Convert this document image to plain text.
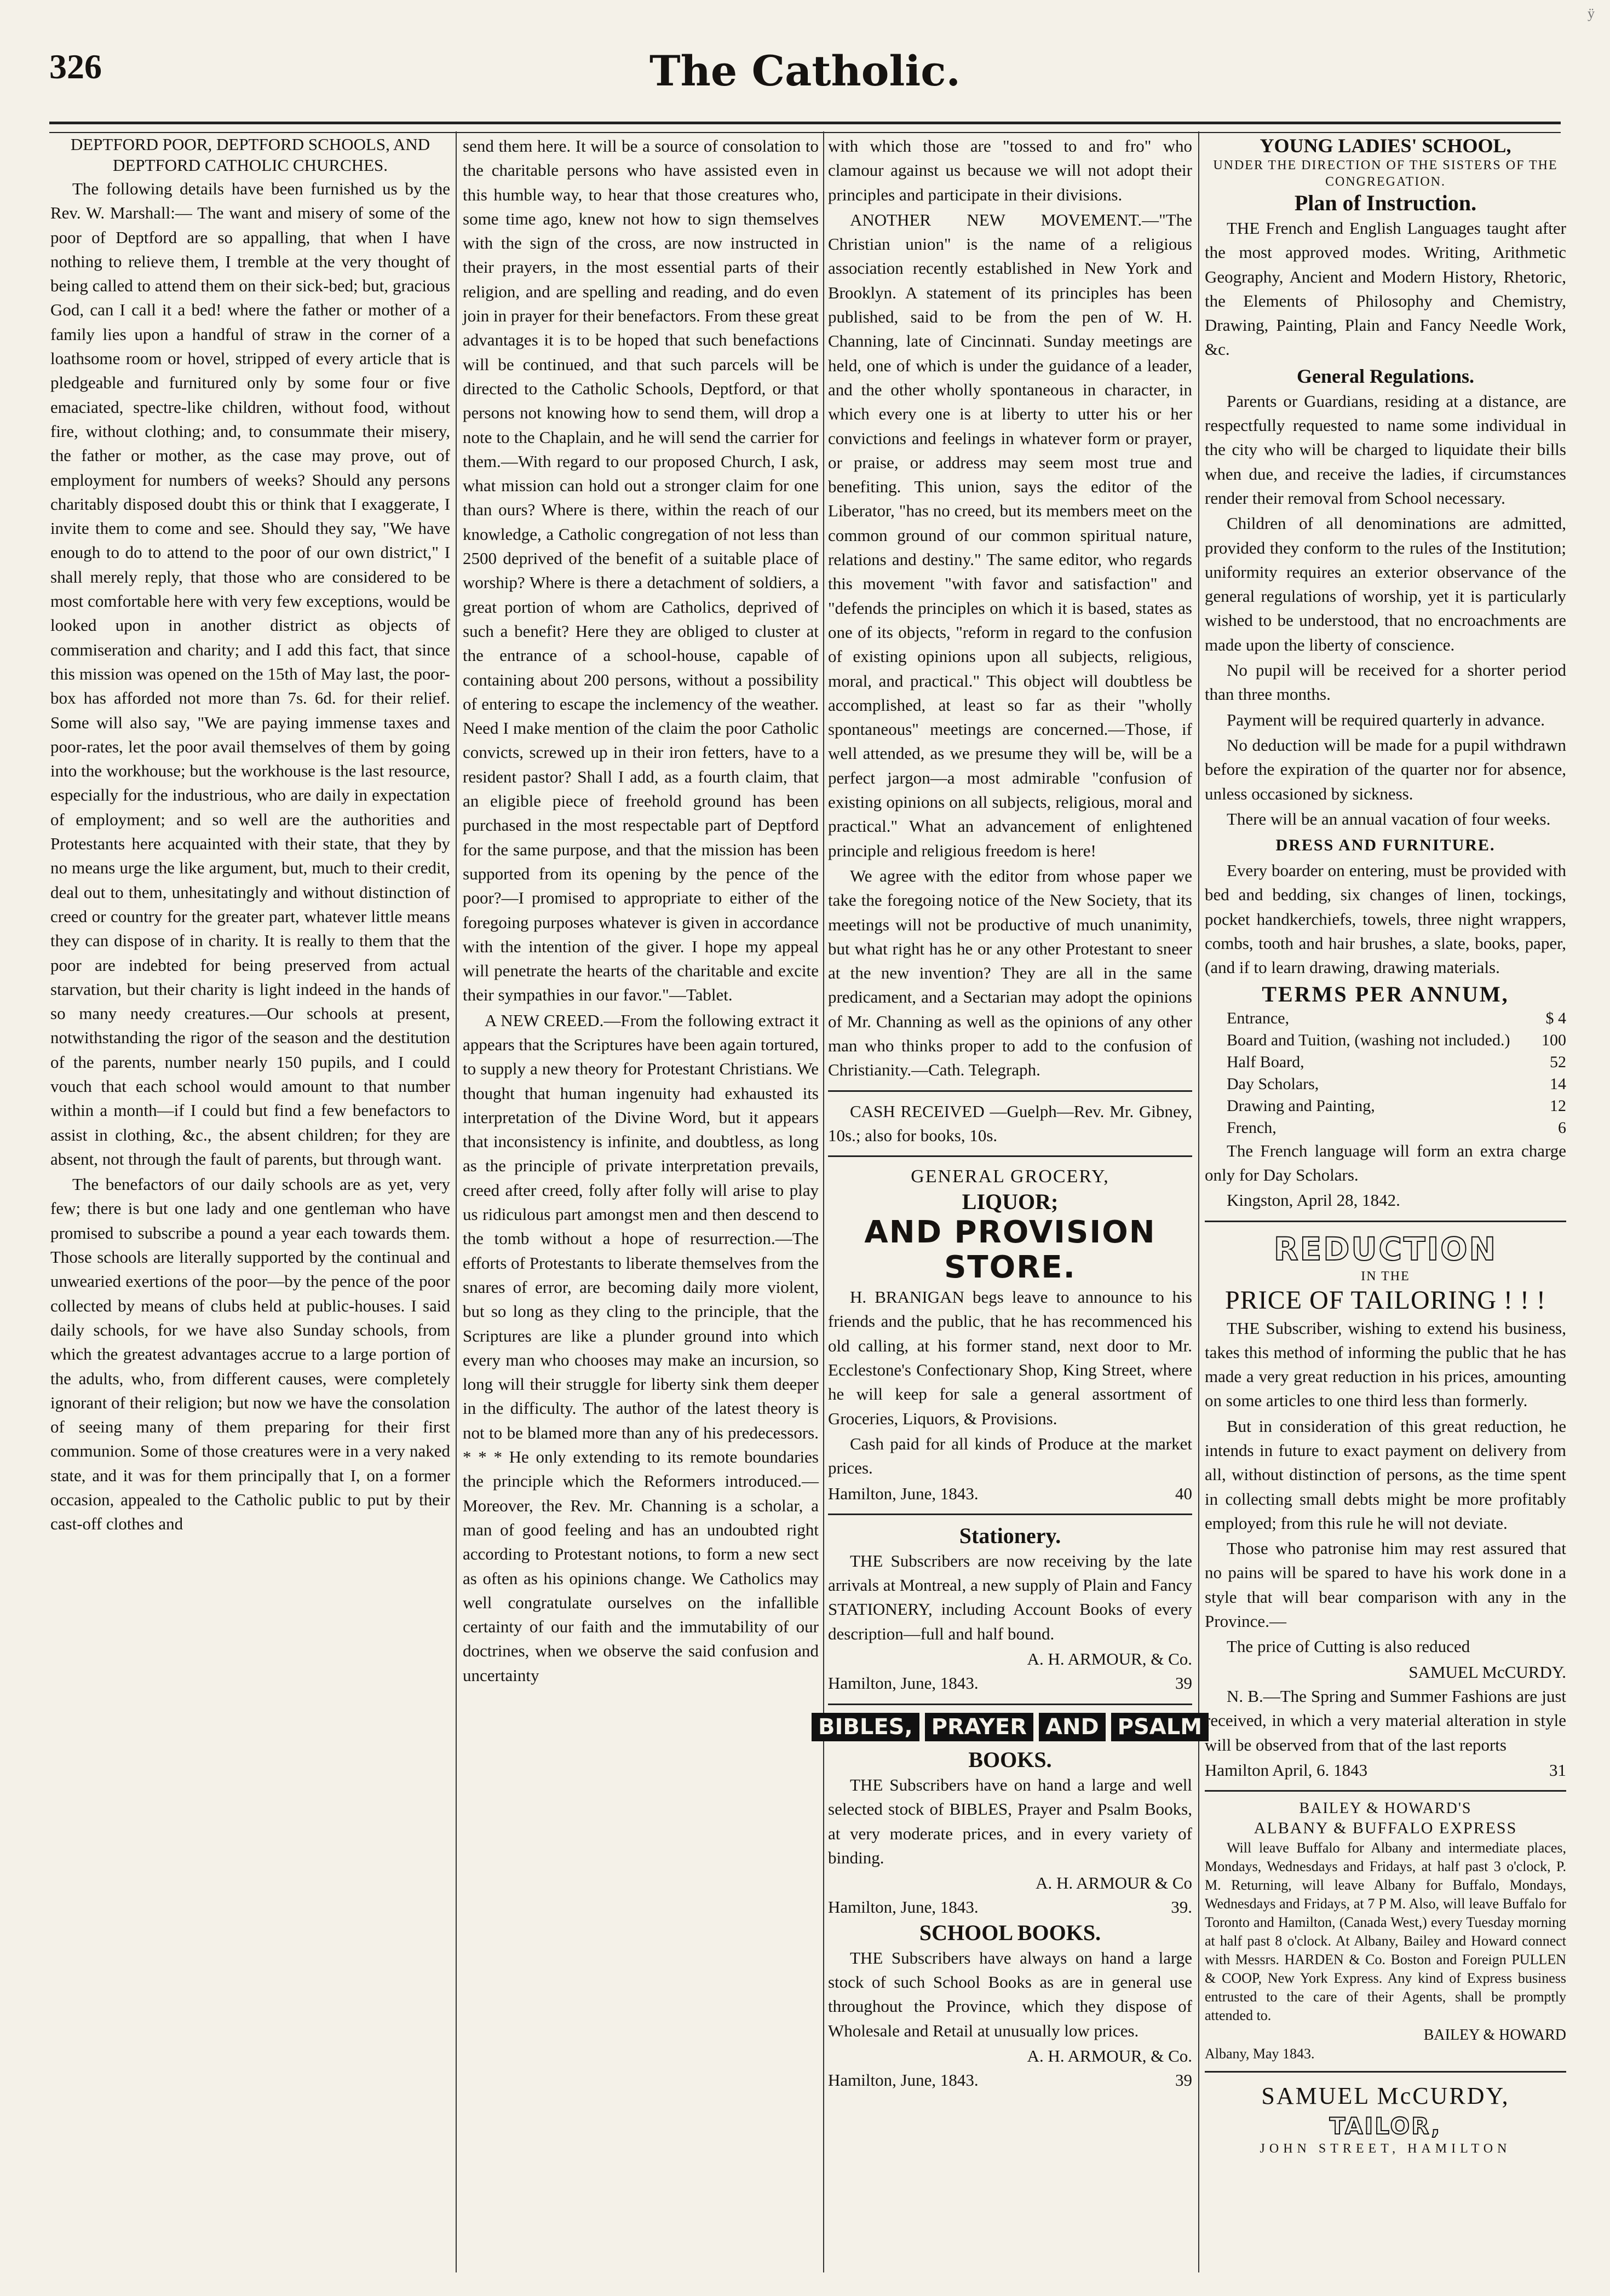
ÿ
326	The Catholic.

DEPTFORD POOR, DEPTFORD SCHOOLS, AND DEPTFORD CATHOLIC CHURCHES.

The following details have been furnished us by the Rev. W. Marshall:— The want and misery of some of the poor of Deptford are so appalling, that when I have nothing to relieve them, I tremble at the very thought of being called to attend them on their sick-bed; but, gracious God, can I call it a bed! where the father or mother of a family lies upon a handful of straw in the corner of a loathsome room or hovel, stripped of every article that is pledgeable and furnitured only by some four or five emaciated, spectre-like children, without food, without fire, without clothing; and, to consummate their misery, the father or mother, as the case may prove, out of employment for numbers of weeks? Should any persons charitably disposed doubt this or think that I exaggerate, I invite them to come and see. Should they say, "We have enough to do to attend to the poor of our own district," I shall merely reply, that those who are considered to be most comfortable here with very few exceptions, would be looked upon in another district as objects of commiseration and charity; and I add this fact, that since this mission was opened on the 15th of May last, the poor-box has afforded not more than 7s. 6d. for their relief. Some will also say, "We are paying immense taxes and poor-rates, let the poor avail themselves of them by going into the workhouse; but the workhouse is the last resource, especially for the industrious, who are daily in expectation of employment; and so well are the authorities and Protestants here acquainted with their state, that they by no means urge the like argument, but, much to their credit, deal out to them, unhesitatingly and without distinction of creed or country for the greater part, whatever little means they can dispose of in charity. It is really to them that the poor are indebted for being preserved from actual starvation, but their charity is light indeed in the hands of so many needy creatures.—Our schools at present, notwithstanding the rigor of the season and the destitution of the parents, number nearly 150 pupils, and I could vouch that each school would amount to that number within a month—if I could but find a few benefactors to assist in clothing, &c., the absent children; for they are absent, not through the fault of parents, but through want.

The benefactors of our daily schools are as yet, very few; there is but one lady and one gentleman who have promised to subscribe a pound a year each towards them. Those schools are literally supported by the continual and unwearied exertions of the poor—by the pence of the poor collected by means of clubs held at public-houses. I said daily schools, for we have also Sunday schools, from which the greatest advantages accrue to a large portion of the adults, who, from different causes, were completely ignorant of their religion; but now we have the consolation of seeing many of them preparing for their first communion. Some of those creatures were in a very naked state, and it was for them principally that I, on a former occasion, appealed to the Catholic public to put by their cast-off clothes and

send them here. It will be a source of consolation to the charitable persons who have assisted even in this humble way, to hear that those creatures who, some time ago, knew not how to sign themselves with the sign of the cross, are now instructed in their prayers, in the most essential parts of their religion, and are spelling and reading, and do even join in prayer for their benefactors. From these great advantages it is to be hoped that such benefactions will be continued, and that such parcels will be directed to the Catholic Schools, Deptford, or that persons not knowing how to send them, will drop a note to the Chaplain, and he will send the carrier for them.—With regard to our proposed Church, I ask, what mission can hold out a stronger claim for one than ours? Where is there, within the reach of our knowledge, a Catholic congregation of not less than 2500 deprived of the benefit of a suitable place of worship? Where is there a detachment of soldiers, a great portion of whom are Catholics, deprived of such a benefit? Here they are obliged to cluster at the entrance of a school-house, capable of containing about 200 persons, without a possibility of entering to escape the inclemency of the weather. Need I make mention of the claim the poor Catholic convicts, screwed up in their iron fetters, have to a resident pastor? Shall I add, as a fourth claim, that an eligible piece of freehold ground has been purchased in the most respectable part of Deptford for the same purpose, and that the mission has been supported from its opening by the pence of the poor?—I promised to appropriate to either of the foregoing purposes whatever is given in accordance with the intention of the giver. I hope my appeal will penetrate the hearts of the charitable and excite their sympathies in our favor."—Tablet.

A NEW CREED.—From the following extract it appears that the Scriptures have been again tortured, to supply a new theory for Protestant Christians. We thought that human ingenuity had exhausted its interpretation of the Divine Word, but it appears that inconsistency is infinite, and doubtless, as long as the principle of private interpretation prevails, creed after creed, folly after folly will arise to play us ridiculous part amongst men and then descend to the tomb without a hope of resurrection.—The efforts of Protestants to liberate themselves from the snares of error, are becoming daily more violent, but so long as they cling to the principle, that the Scriptures are like a plunder ground into which every man who chooses may make an incursion, so long will their struggle for liberty sink them deeper in the difficulty. The author of the latest theory is not to be blamed more than any of his predecessors. * * * He only extending to its remote boundaries the principle which the Reformers introduced.—Moreover, the Rev. Mr. Channing is a scholar, a man of good feeling and has an undoubted right according to Protestant notions, to form a new sect as often as his opinions change. We Catholics may well congratulate ourselves on the infallible certainty of our faith and the immutability of our doctrines, when we observe the said confusion and uncertainty

with which those are "tossed to and fro" who clamour against us because we will not adopt their principles and participate in their divisions.

ANOTHER NEW MOVEMENT.—"The Christian union" is the name of a religious association recently established in New York and Brooklyn. A statement of its principles has been published, said to be from the pen of W. H. Channing, late of Cincinnati. Sunday meetings are held, one of which is under the guidance of a leader, and the other wholly spontaneous in character, in which every one is at liberty to utter his or her convictions and feelings in whatever form or prayer, or praise, or address may seem most true and benefiting. This union, says the editor of the Liberator, "has no creed, but its members meet on the common ground of our common spiritual nature, relations and destiny." The same editor, who regards this movement "with favor and satisfaction" and "defends the principles on which it is based, states as one of its objects, "reform in regard to the confusion of existing opinions upon all subjects, religious, moral, and practical." This object will doubtless be accomplished, at least so far as their "wholly spontaneous" meetings are concerned.—Those, if well attended, as we presume they will be, will be a perfect jargon—a most admirable "confusion of existing opinions on all subjects, religious, moral and practical." What an advancement of enlightened principle and religious freedom is here!

We agree with the editor from whose paper we take the foregoing notice of the New Society, that its meetings will not be productive of much unanimity, but what right has he or any other Protestant to sneer at the new invention? They are all in the same predicament, and a Sectarian may adopt the opinions of Mr. Channing as well as the opinions of any other man who thinks proper to add to the confusion of Christianity.—Cath. Telegraph.

CASH RECEIVED —Guelph—Rev. Mr. Gibney, 10s.; also for books, 10s.

GENERAL GROCERY,
LIQUOR;
AND PROVISION STORE.

H. BRANIGAN begs leave to announce to his friends and the public, that he has recommenced his old calling, at his former stand, next door to Mr. Ecclestone's Confectionary Shop, King Street, where he will keep for sale a general assortment of Groceries, Liquors, & Provisions.

Cash paid for all kinds of Produce at the market prices.

Hamilton, June, 1843.	40
Stationery.

THE Subscribers are now receiving by the late arrivals at Montreal, a new supply of Plain and Fancy STATIONERY, including Account Books of every description—full and half bound.

A. H. ARMOUR, & Co.
Hamilton, June, 1843.	39
BIBLES, PRAYER AND PSALM
BOOKS.

THE Subscribers have on hand a large and well selected stock of BIBLES, Prayer and Psalm Books, at very moderate prices, and in every variety of binding.

A. H. ARMOUR & Co
Hamilton, June, 1843.	39.
SCHOOL BOOKS.

THE Subscribers have always on hand a large stock of such School Books as are in general use throughout the Province, which they dispose of Wholesale and Retail at unusually low prices.

A. H. ARMOUR, & Co.
Hamilton, June, 1843.	39
YOUNG LADIES' SCHOOL,
UNDER THE DIRECTION OF THE SISTERS OF THE CONGREGATION.
Plan of Instruction.

THE French and English Languages taught after the most approved modes. Writing, Arithmetic Geography, Ancient and Modern History, Rhetoric, the Elements of Philosophy and Chemistry, Drawing, Painting, Plain and Fancy Needle Work, &c.

General Regulations.

Parents or Guardians, residing at a distance, are respectfully requested to name some individual in the city who will be charged to liquidate their bills when due, and receive the ladies, if circumstances render their removal from School necessary.

Children of all denominations are admitted, provided they conform to the rules of the Institution; uniformity requires an exterior observance of the general regulations of worship, yet it is particularly wished to be understood, that no encroachments are made upon the liberty of conscience.

No pupil will be received for a shorter period than three months.

Payment will be required quarterly in advance.

No deduction will be made for a pupil withdrawn before the expiration of the quarter nor for absence, unless occasioned by sickness.

There will be an annual vacation of four weeks.

DRESS AND FURNITURE.

Every boarder on entering, must be provided with bed and bedding, six changes of linen, tockings, pocket handkerchiefs, towels, three night wrappers, combs, tooth and hair brushes, a slate, books, paper, (and if to learn drawing, drawing materials.

TERMS PER ANNUM,
Entrance,	$ 4
Board and Tuition, (washing not included.) 100
Half Board,	52
Day Scholars,	14
Drawing and Painting,	12
French,	6

The French language will form an extra charge only for Day Scholars.

Kingston, April 28, 1842.

REDUCTION
IN THE
PRICE OF TAILORING ! ! !

THE Subscriber, wishing to extend his business, takes this method of informing the public that he has made a very great reduction in his prices, amounting on some articles to one third less than formerly.

But in consideration of this great reduction, he intends in future to exact payment on delivery from all, without distinction of persons, as the time spent in collecting small debts might be more profitably employed; from this rule he will not deviate.

Those who patronise him may rest assured that no pains will be spared to have his work done in a style that will bear comparison with any in the Province.—

The price of Cutting is also reduced

SAMUEL McCURDY.

N. B.—The Spring and Summer Fashions are just received, in which a very material alteration in style will be observed from that of the last reports

Hamilton April, 6. 1843	31
BAILEY & HOWARD'S
ALBANY & BUFFALO EXPRESS

Will leave Buffalo for Albany and intermediate places, Mondays, Wednesdays and Fridays, at half past 3 o'clock, P. M. Returning, will leave Albany for Buffalo, Mondays, Wednesdays and Fridays, at 7 P M. Also, will leave Buffalo for Toronto and Hamilton, (Canada West,) every Tuesday morning at half past 8 o'clock. At Albany, Bailey and Howard connect with Messrs. HARDEN & Co. Boston and Foreign PULLEN & COOP, New York Express. Any kind of Express business entrusted to the care of their Agents, shall be promptly attended to.

BAILEY & HOWARD
Albany, May 1843.
SAMUEL McCURDY,
TAILOR,
JOHN STREET, HAMILTON
